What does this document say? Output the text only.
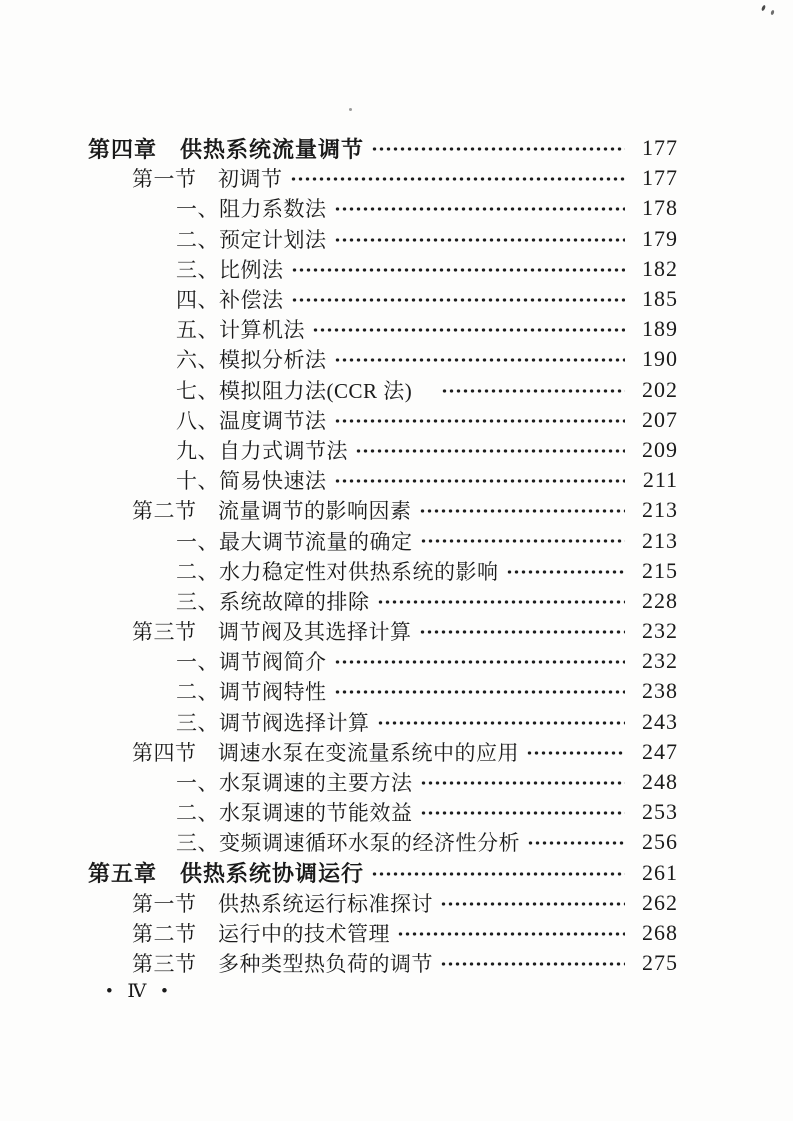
第四章　供热系统流量调节	177
第一节　初调节	177
一、阻力系数法	178
二、预定计划法	179
三、比例法	182
四、补偿法	185
五、计算机法	189
六、模拟分析法	190
七、模拟阻力法(CCR 法)　	202
八、温度调节法	207
九、自力式调节法	209
十、简易快速法	211
第二节　流量调节的影响因素	213
一、最大调节流量的确定	213
二、水力稳定性对供热系统的影响	215
三、系统故障的排除	228
第三节　调节阀及其选择计算	232
一、调节阀简介	232
二、调节阀特性	238
三、调节阀选择计算	243
第四节　调速水泵在变流量系统中的应用	247
一、水泵调速的主要方法	248
二、水泵调速的节能效益	253
三、变频调速循环水泵的经济性分析	256
第五章　供热系统协调运行	261
第一节　供热系统运行标准探讨	262
第二节　运行中的技术管理	268
第三节　多种类型热负荷的调节	275
• Ⅳ •
